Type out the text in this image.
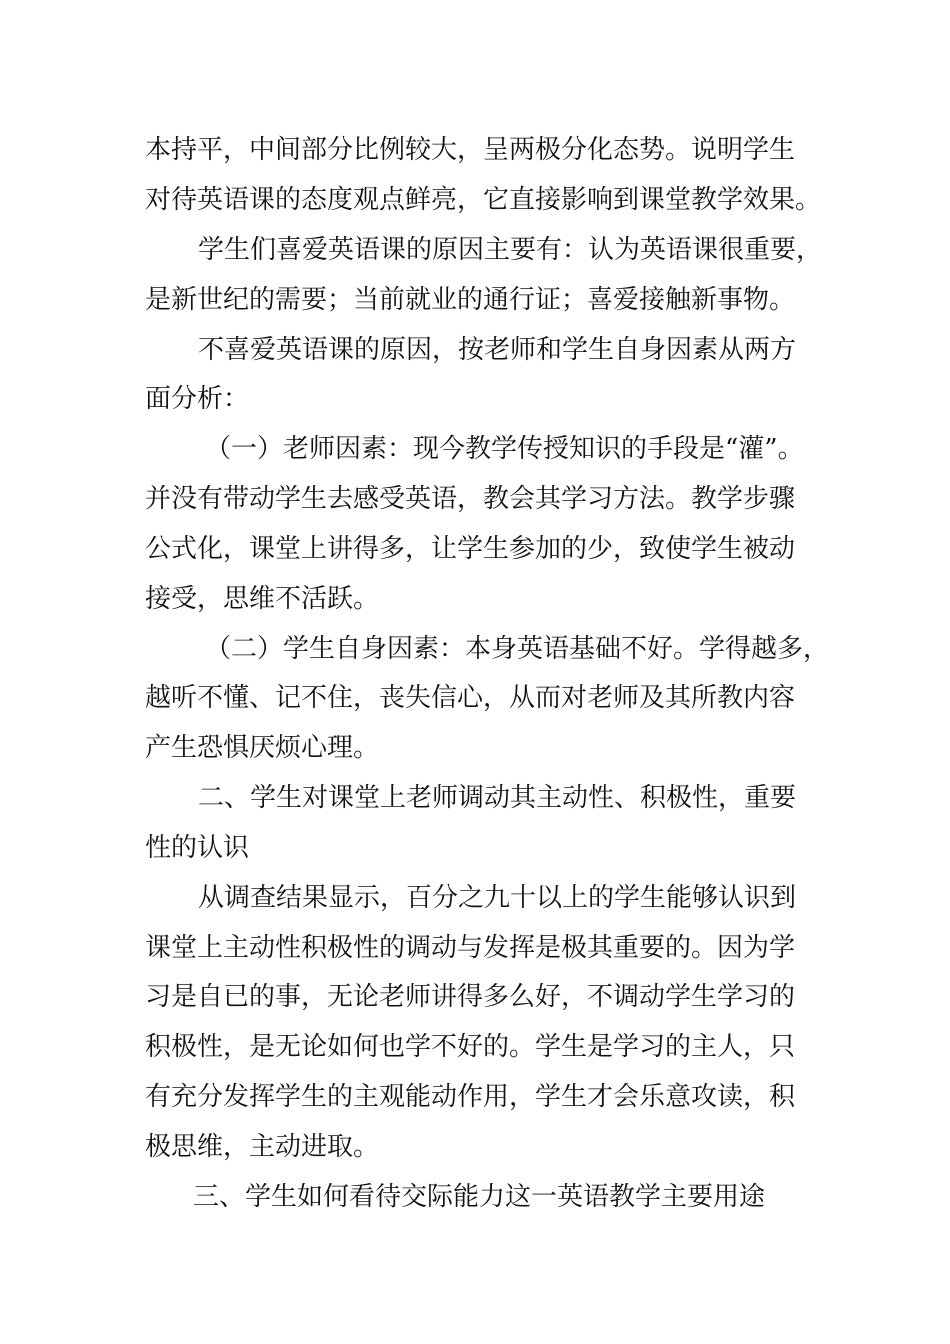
本持平，中间部分比例较大，呈两极分化态势。说明学生
对待英语课的态度观点鲜亮，它直接影响到课堂教学效果。
学生们喜爱英语课的原因主要有：认为英语课很重要，
是新世纪的需要；当前就业的通行证；喜爱接触新事物。
不喜爱英语课的原因，按老师和学生自身因素从两方
面分析：
（一）老师因素：现今教学传授知识的手段是“灌”。
并没有带动学生去感受英语，教会其学习方法。教学步骤
公式化，课堂上讲得多，让学生参加的少，致使学生被动
接受，思维不活跃。
（二）学生自身因素：本身英语基础不好。学得越多，
越听不懂、记不住，丧失信心，从而对老师及其所教内容
产生恐惧厌烦心理。
二、学生对课堂上老师调动其主动性、积极性，重要
性的认识
从调查结果显示，百分之九十以上的学生能够认识到
课堂上主动性积极性的调动与发挥是极其重要的。因为学
习是自已的事，无论老师讲得多么好，不调动学生学习的
积极性，是无论如何也学不好的。学生是学习的主人，只
有充分发挥学生的主观能动作用，学生才会乐意攻读，积
极思维，主动进取。
三、学生如何看待交际能力这一英语教学主要用途
